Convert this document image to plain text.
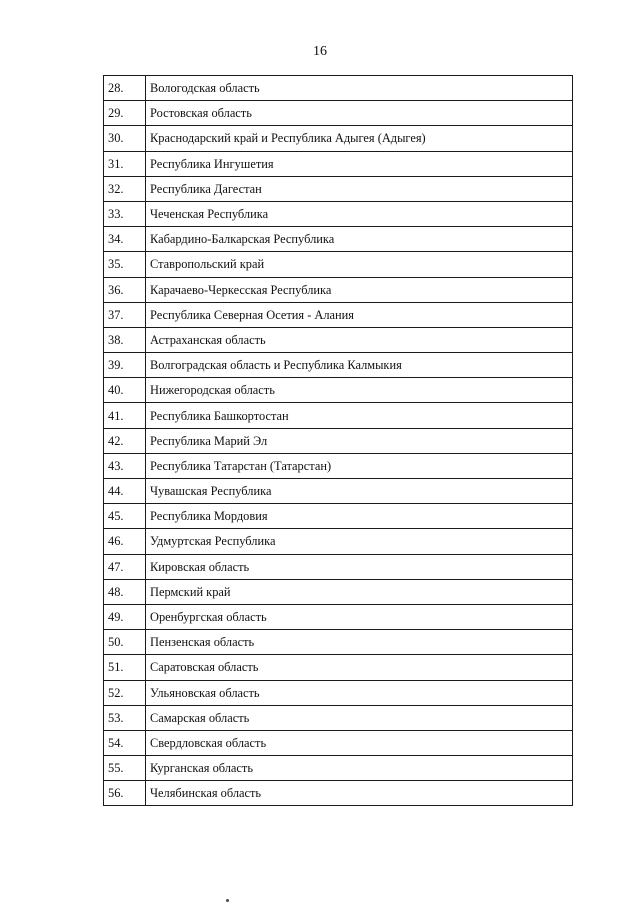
16
28.	Вологодская область
29.	Ростовская область
30.	Краснодарский край и Республика Адыгея (Адыгея)
31.	Республика Ингушетия
32.	Республика Дагестан
33.	Чеченская Республика
34.	Кабардино-Балкарская Республика
35.	Ставропольский край
36.	Карачаево-Черкесская Республика
37.	Республика Северная Осетия - Алания
38.	Астраханская область
39.	Волгоградская область и Республика Калмыкия
40.	Нижегородская область
41.	Республика Башкортостан
42.	Республика Марий Эл
43.	Республика Татарстан (Татарстан)
44.	Чувашская Республика
45.	Республика Мордовия
46.	Удмуртская Республика
47.	Кировская область
48.	Пермский край
49.	Оренбургская область
50.	Пензенская область
51.	Саратовская область
52.	Ульяновская область
53.	Самарская область
54.	Свердловская область
55.	Курганская область
56.	Челябинская область
